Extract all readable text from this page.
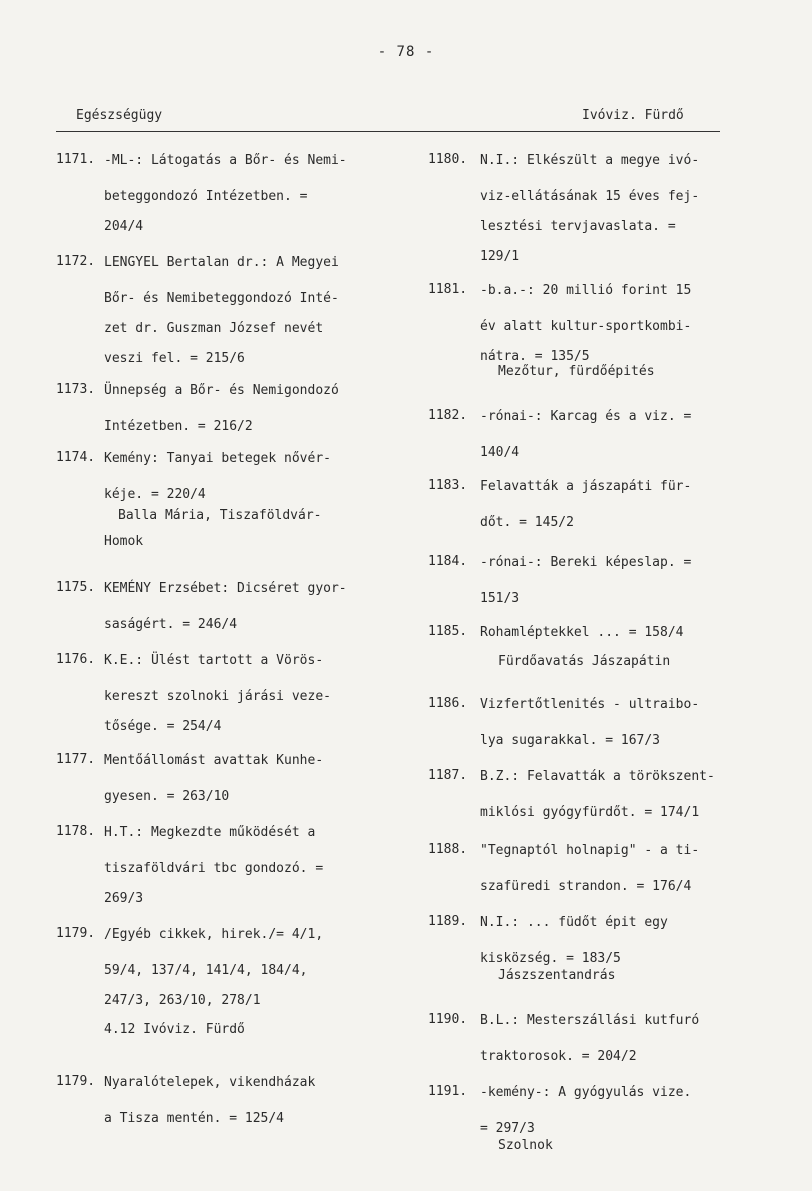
- 78 -
Egészségügy	Ivóviz. Fürdő
1171. -ML-: Látogatás a Bőr- és Nemi-
beteggondozó Intézetben. =
204/4
1172. LENGYEL Bertalan dr.: A Megyei
Bőr- és Nemibeteggondozó Inté-
zet dr. Guszman József nevét
veszi fel. = 215/6
1173. Ünnepség a Bőr- és Nemigondozó
Intézetben. = 216/2
1174. Kemény: Tanyai betegek nővér-
kéje. = 220/4
Balla Mária, Tiszaföldvár-
Homok
1175. KEMÉNY Erzsébet: Dicséret gyor-
saságért. = 246/4
1176. K.E.: Ülést tartott a Vörös-
kereszt szolnoki járási veze-
tősége. = 254/4
1177. Mentőállomást avattak Kunhe-
gyesen. = 263/10
1178. H.T.: Megkezdte működését a
tiszaföldvári tbc gondozó. =
269/3
1179. /Egyéb cikkek, hirek./= 4/1,
59/4, 137/4, 141/4, 184/4,
247/3, 263/10, 278/1
4.12 Ivóviz. Fürdő
1179. Nyaralótelepek, vikendházak
a Tisza mentén. = 125/4
1180. N.I.: Elkészült a megye ivó-
viz-ellátásának 15 éves fej-
lesztési tervjavaslata. =
129/1
1181. -b.a.-: 20 millió forint 15
év alatt kultur-sportkombi-
nátra. = 135/5
Mezőtur, fürdőépités
1182. -rónai-: Karcag és a viz. =
140/4
1183. Felavatták a jászapáti für-
dőt. = 145/2
1184. -rónai-: Bereki képeslap. =
151/3
1185. Rohamléptekkel ... = 158/4
Fürdőavatás Jászapátin
1186. Vizfertőtlenités - ultraibo-
lya sugarakkal. = 167/3
1187. B.Z.: Felavatták a törökszent-
miklósi gyógyfürdőt. = 174/1
1188. "Tegnaptól holnapig" - a ti-
szafüredi strandon. = 176/4
1189. N.I.: ... füdőt épit egy
kisközség. = 183/5
Jászszentandrás
1190. B.L.: Mesterszállási kutfuró
traktorosok. = 204/2
1191. -kemény-: A gyógyulás vize.
= 297/3
Szolnok
